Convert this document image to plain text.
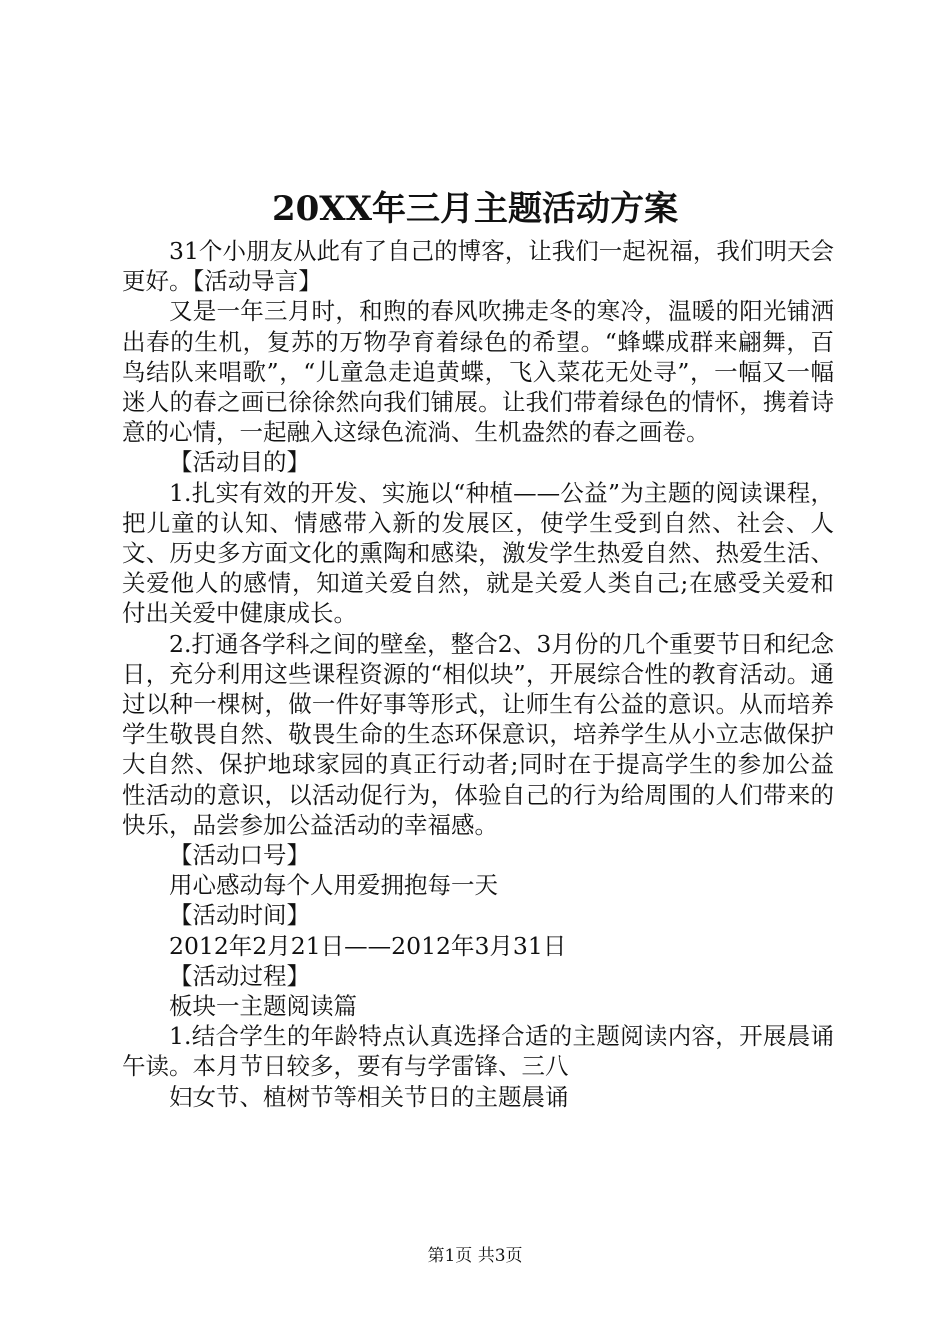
20XX年三月主题活动方案

31个小朋友从此有了自己的博客，让我们一起祝福，我们明天会更好。【活动导言】

又是一年三月时，和煦的春风吹拂走冬的寒冷，温暖的阳光铺洒出春的生机，复苏的万物孕育着绿色的希望。“蜂蝶成群来翩舞，百鸟结队来唱歌”，“儿童急走追黄蝶，飞入菜花无处寻”，一幅又一幅迷人的春之画已徐徐然向我们铺展。让我们带着绿色的情怀，携着诗意的心情，一起融入这绿色流淌、生机盎然的春之画卷。

【活动目的】

1.扎实有效的开发、实施以“种植——公益”为主题的阅读课程，把儿童的认知、情感带入新的发展区，使学生受到自然、社会、人文、历史多方面文化的熏陶和感染，激发学生热爱自然、热爱生活、关爱他人的感情，知道关爱自然，就是关爱人类自己;在感受关爱和付出关爱中健康成长。

2.打通各学科之间的壁垒，整合2、3月份的几个重要节日和纪念日，充分利用这些课程资源的“相似块”，开展综合性的教育活动。通过以种一棵树，做一件好事等形式，让师生有公益的意识。从而培养学生敬畏自然、敬畏生命的生态环保意识，培养学生从小立志做保护大自然、保护地球家园的真正行动者;同时在于提高学生的参加公益性活动的意识，以活动促行为，体验自己的行为给周围的人们带来的快乐，品尝参加公益活动的幸福感。

【活动口号】

用心感动每个人用爱拥抱每一天

【活动时间】

2012年2月21日——2012年3月31日

【活动过程】

板块一主题阅读篇

1.结合学生的年龄特点认真选择合适的主题阅读内容，开展晨诵午读。本月节日较多，要有与学雷锋、三八

妇女节、植树节等相关节日的主题晨诵

第1页 共3页
